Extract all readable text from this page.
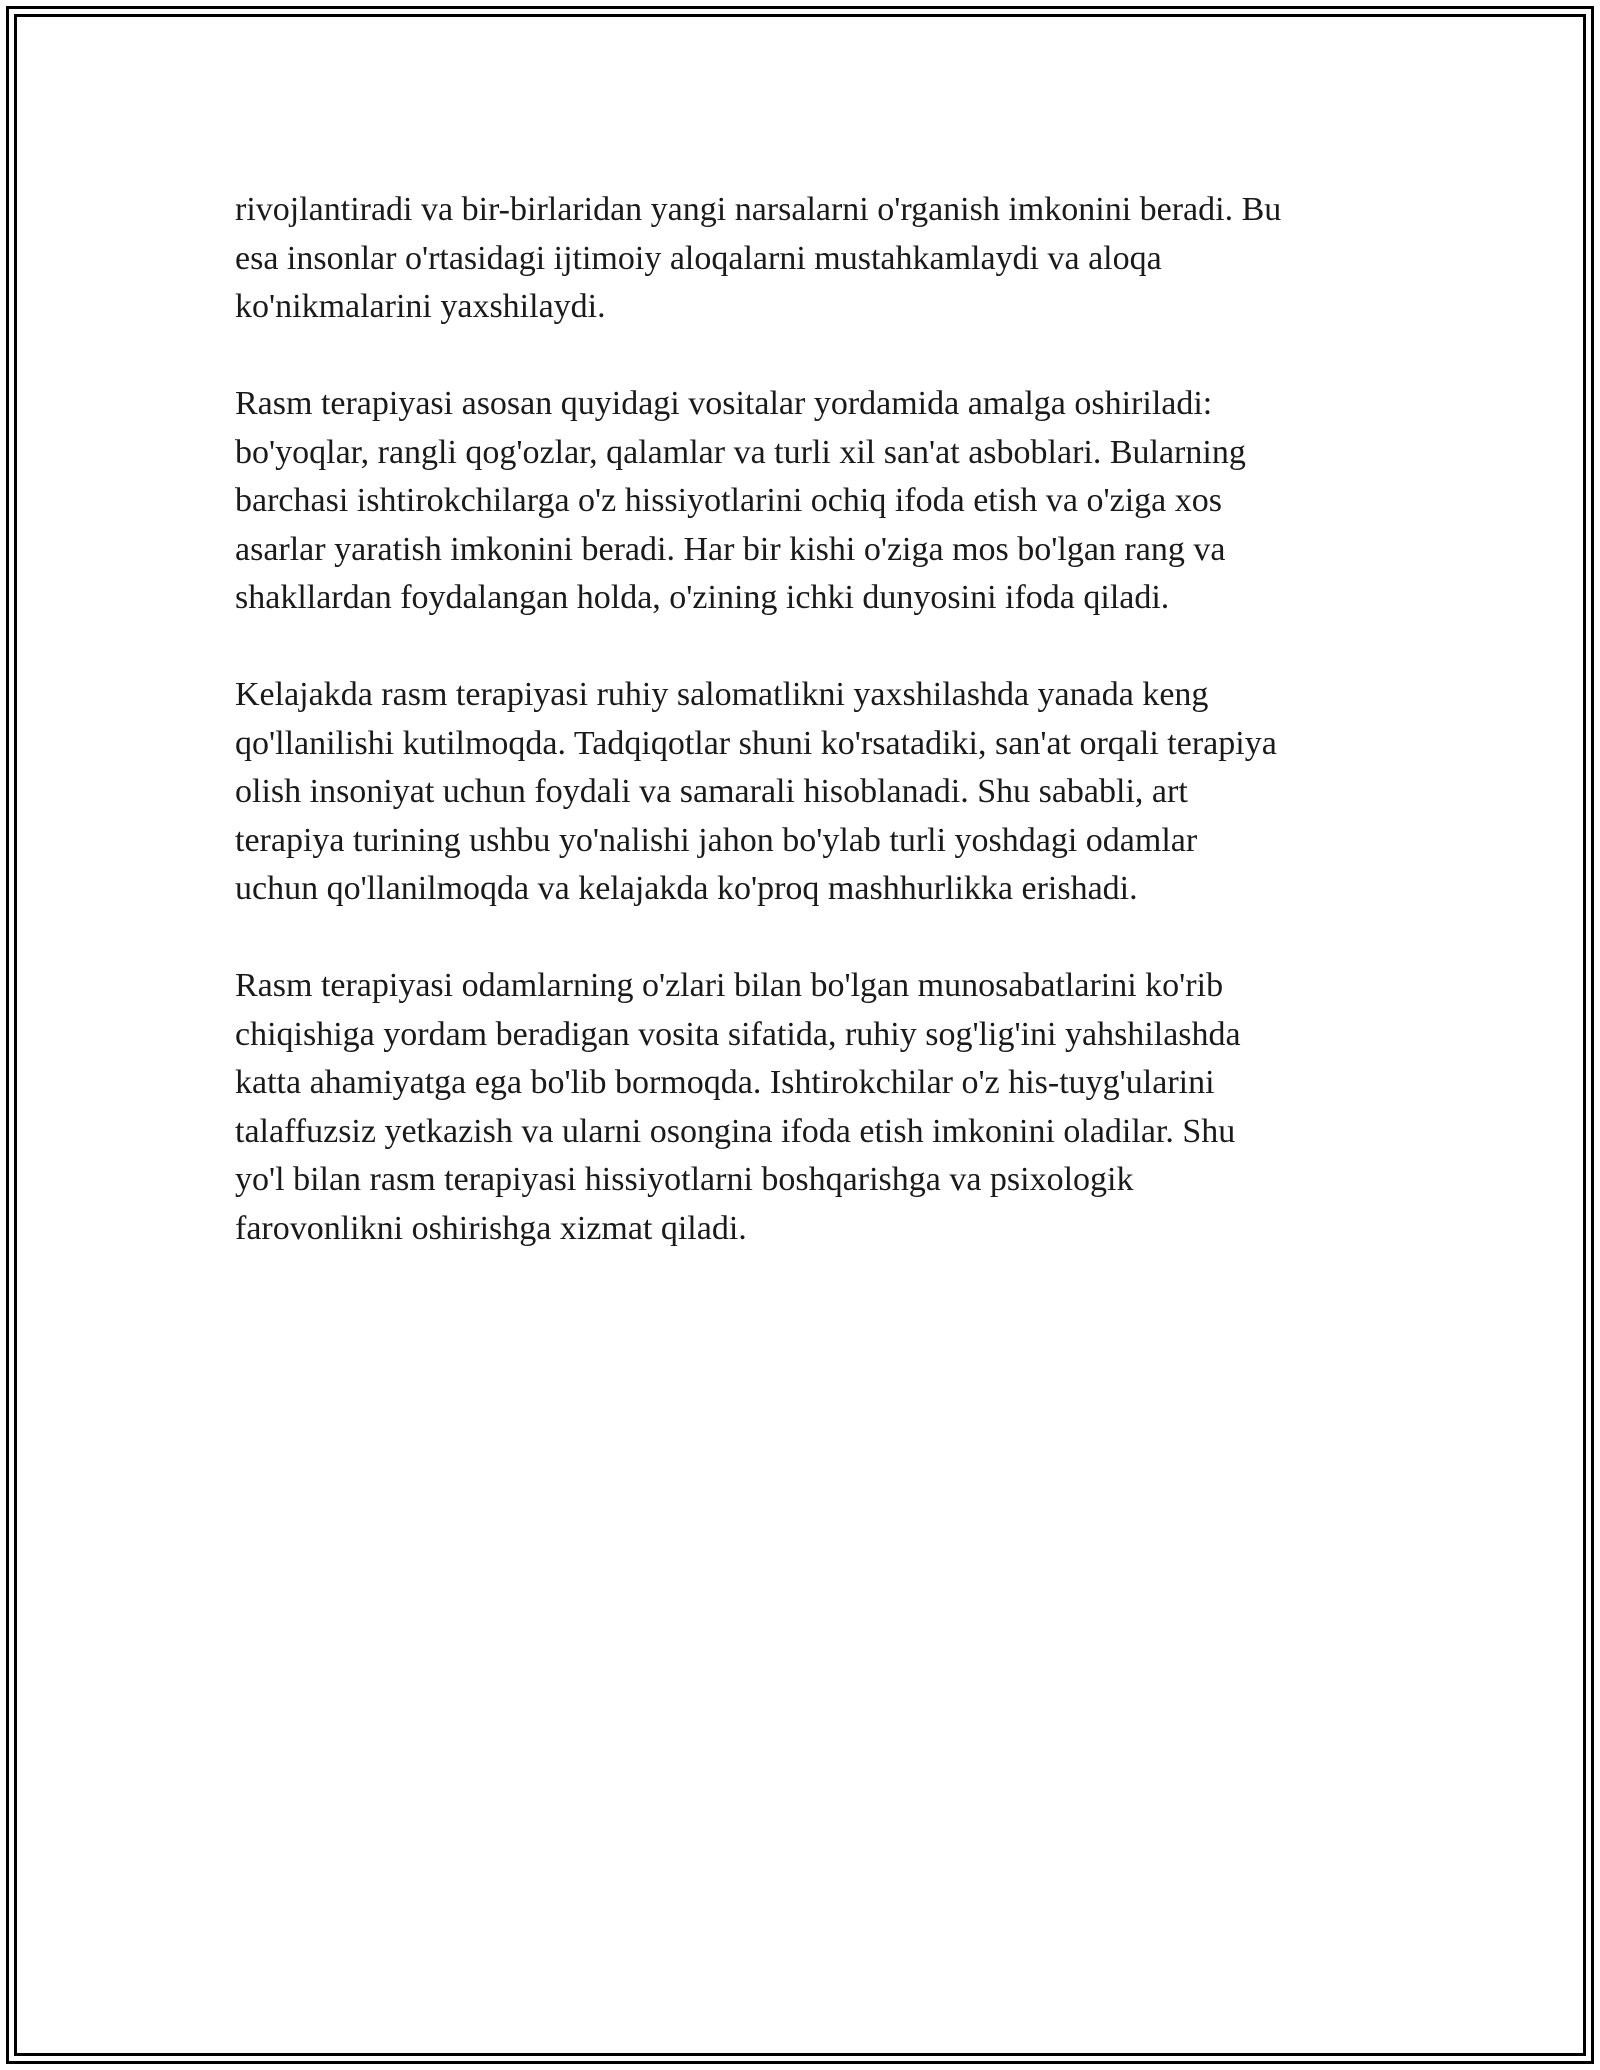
rivojlantiradi va bir-birlaridan yangi narsalarni o'rganish imkonini beradi. Bu
esa insonlar o'rtasidagi ijtimoiy aloqalarni mustahkamlaydi va aloqa
ko'nikmalarini yaxshilaydi.

Rasm terapiyasi asosan quyidagi vositalar yordamida amalga oshiriladi:
bo'yoqlar, rangli qog'ozlar, qalamlar va turli xil san'at asboblari. Bularning
barchasi ishtirokchilarga o'z hissiyotlarini ochiq ifoda etish va o'ziga xos
asarlar yaratish imkonini beradi. Har bir kishi o'ziga mos bo'lgan rang va
shakllardan foydalangan holda, o'zining ichki dunyosini ifoda qiladi.

Kelajakda rasm terapiyasi ruhiy salomatlikni yaxshilashda yanada keng
qo'llanilishi kutilmoqda. Tadqiqotlar shuni ko'rsatadiki, san'at orqali terapiya
olish insoniyat uchun foydali va samarali hisoblanadi. Shu sababli, art
terapiya turining ushbu yo'nalishi jahon bo'ylab turli yoshdagi odamlar
uchun qo'llanilmoqda va kelajakda ko'proq mashhurlikka erishadi.

Rasm terapiyasi odamlarning o'zlari bilan bo'lgan munosabatlarini ko'rib
chiqishiga yordam beradigan vosita sifatida, ruhiy sog'lig'ini yahshilashda
katta ahamiyatga ega bo'lib bormoqda. Ishtirokchilar o'z his-tuyg'ularini
talaffuzsiz yetkazish va ularni osongina ifoda etish imkonini oladilar. Shu
yo'l bilan rasm terapiyasi hissiyotlarni boshqarishga va psixologik
farovonlikni oshirishga xizmat qiladi.
